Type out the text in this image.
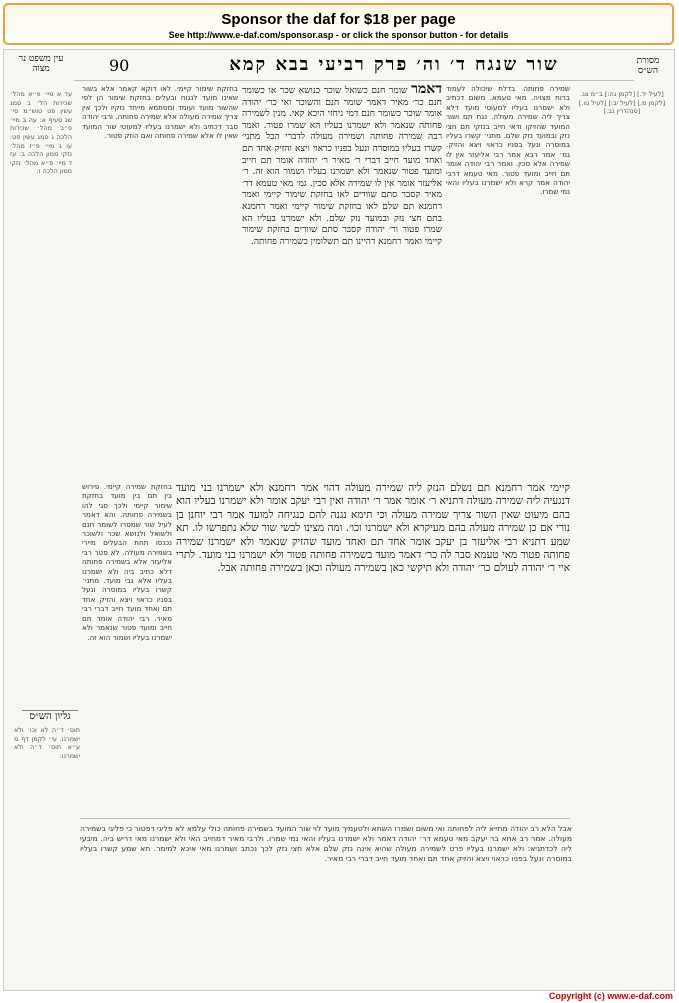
Sponsor the daf for $18 per page
See http://www.e-daf.com/sponsor.asp - or click the sponsor button - for details
90	שור שנגח ד׳ וה׳ פרק רביעי בבא קמא
עין משפט נר מצוה
מסורת הש״ס

עד א מיי׳ פ״א מהל׳ שכירות הל׳ ב סמג עשין פט טוש״מ סי׳ שג סעיף א: עה ב מיי׳ פ״ב מהל׳ שכירות הלכה ג סמג עשין פט: עו ג מיי׳ פ״ז מהל׳ נזקי ממון הלכה ב: עז ד מיי׳ פ״א מהל׳ נזקי ממון הלכה ו:

גליון הש״ס

תוס׳ ד״ה לא וכו׳ ולא ישמרנו. עי׳ לקמן דף מ ע״א תוס׳ ד״ה ולא ישמרנו:

בחזקת שימור קיימי. לאו דוקא קאמר אלא בשור שאינו מועד לנגוח ובעלים בחזקת שימור הן לפי שהשור מועד ועומד ומסתמא מייחד נזקיו ולכך אין צריך שמירה מעולה אלא שמירה פחותה. ורבי יהודה סבר דכתיב ולא ישמרנו בעליו למעוטי שור המועד שאין לו אלא שמירה פחותה ואם הוזק פטור.

בחזקת שמירה קיימי. פירוש בין תם בין מועד בחזקת שימור קיימי ולכך סגי להו בשמירה פחותה. והא דאמר לעיל שור שמסרו לשומר חנם ולשואל ולנושא שכר ולשוכר נכנסו תחת הבעלים מיירי בשמירה מעולה. לא פטר רבי אליעזר אלא בשמירה פחותה דלא כתיב ביה ולא ישמרנו בעליו אלא גבי מועד. מתני׳ קשרו בעליו במוסרה ונעל בפניו כראוי ויצא והזיק אחד תם ואחד מועד חייב דברי רבי מאיר. רבי יהודה אומר תם חייב ומועד פטור שנאמר ולא ישמרנו בעליו ושמור הוא זה.

דאמר שומר חנם כשואל שוכר כנושא שכר או כשומר חנם כר׳ מאיר דאמר שומר חנם והשוכר ואי כר׳ יהודה אומר שוכר כשומר חנם דמי ניחזי היכא קאי. מנין לשמירה פחותה שנאמר ולא ישמרנו בעליו הא שמרו פטור. ואמר רבה שמירה פחותה ושמירה מעולה לדברי הכל מתני׳ קשרו בעליו במוסרה ונעל בפניו כראוי ויצא והזיק אחד תם ואחד מועד חייב דברי ר׳ מאיר ר׳ יהודה אומר תם חייב ומועד פטור שנאמר ולא ישמרנו בעליו ושמור הוא זה. ר׳ אליעזר אומר אין לו שמירה אלא סכין. גמ׳ מאי טעמא דר׳ מאיר קסבר סתם שוורים לאו בחזקת שימור קיימי ואמר רחמנא תם שלם לאו בחזקת שימור קיימי ואמר רחמנא בתם חצי נזק ובמועד נזק שלם. ולא ישמרנו בעליו הא שמרו פטור ור׳ יהודה קסבר סתם שוורים בחזקת שימור קיימי ואמר רחמנא דהיינו תם תשלומין כשמירה פחותה.

קיימי אמר רחמנא תם נשלם הנזק ליה שמירה מעולה דהוי אמר רחמנא ולא ישמרנו בני מועד דנגעיה ליה שמירה מעולה דתניא ר׳ אומר אמר ר׳ יהודה ואין רבי יעקב אומר ולא ישמרנו בעליו הוא בהם מיעוט שאין השור צריך שמירה מעולה וכי תימא נגנה להם כנגיחה למועד אמר רבי יוחנן בן נורי אם כן שמירה מעולה בהם מעיקרא ולא ישמרנו וכו׳. ומה מצינו לבשי שור שלא נתפרשו לו. תא שמע דתניא רבי אליעזר בן יעקב אומר אחד תם ואחד מועד שהזיק שנאמר ולא ישמרנו שמירה פחותה פטור מאי טעמא סבר לה כר׳ דאמר מועד בשמירה פחותה פטור ולא ישמרנו בני מועד. לתרי איי ר׳ יהודה לעולם כר׳ יהודה ולא תיקשי כאן בשמירה מעולה וכאן בשמירה פחותה אבל.

שמירה פחותה. בדלת שיכולה לעמוד ברוח מצויה. מאי טעמא. משום דכתיב ולא ישמרנו בעליו למעוטי מועד דלא צריך ליה שמירה מעולה. נגח תם ושור המועד שהזיקו ודאי חייב בנזקי תם חצי נזק ובמועד נזק שלם. מתני׳ קשרו בעליו במוסרה ונעל בפניו כראוי ויצא והזיק. גמ׳ אמר רבא אמר רבי אליעזר אין לו שמירה אלא סכין. ואמר רבי יהודה אומר תם חייב ומועד פטור. מאי טעמא דרבי יהודה אמר קרא ולא ישמרנו בעליו והאי נמי שמרו.

[לעיל יד.] [לקמן נה:] ב״מ צג. [לקמן מ.] [לעיל יב:] [לעיל טו.] [סנהדרין נב.]

אבל הלא רב יהודה מתייא ליה לפחותה ואי משום ושמרו השתא ולטעמיך מועד לוי שור המועד בשמירה פחותה כולי עלמא לא פליגי דפטור כי פליגי בשמירה מעולה. אמר רב אחא בר יעקב מאי טעמא דר׳ יהודה דאמר ולא ישמרנו בעליו והאי נמי שמרו. ולרבי מאיר דמחייב האי ולא ישמרנו מאי דריש ביה. מיבעי ליה לכדתניא: ולא ישמרנו בעליו פרט לשמירה מעולה שהיא אינה נזק שלם אלא חצי נזק לכך נכתב ושמרנו מאי איכא למימר. תא שמע קשרו בעליו במוסרה ונעל בפניו כראוי ויצא והזיק אחד תם ואחד מועד חייב דברי רבי מאיר.

Copyright (c) www.e-daf.com
